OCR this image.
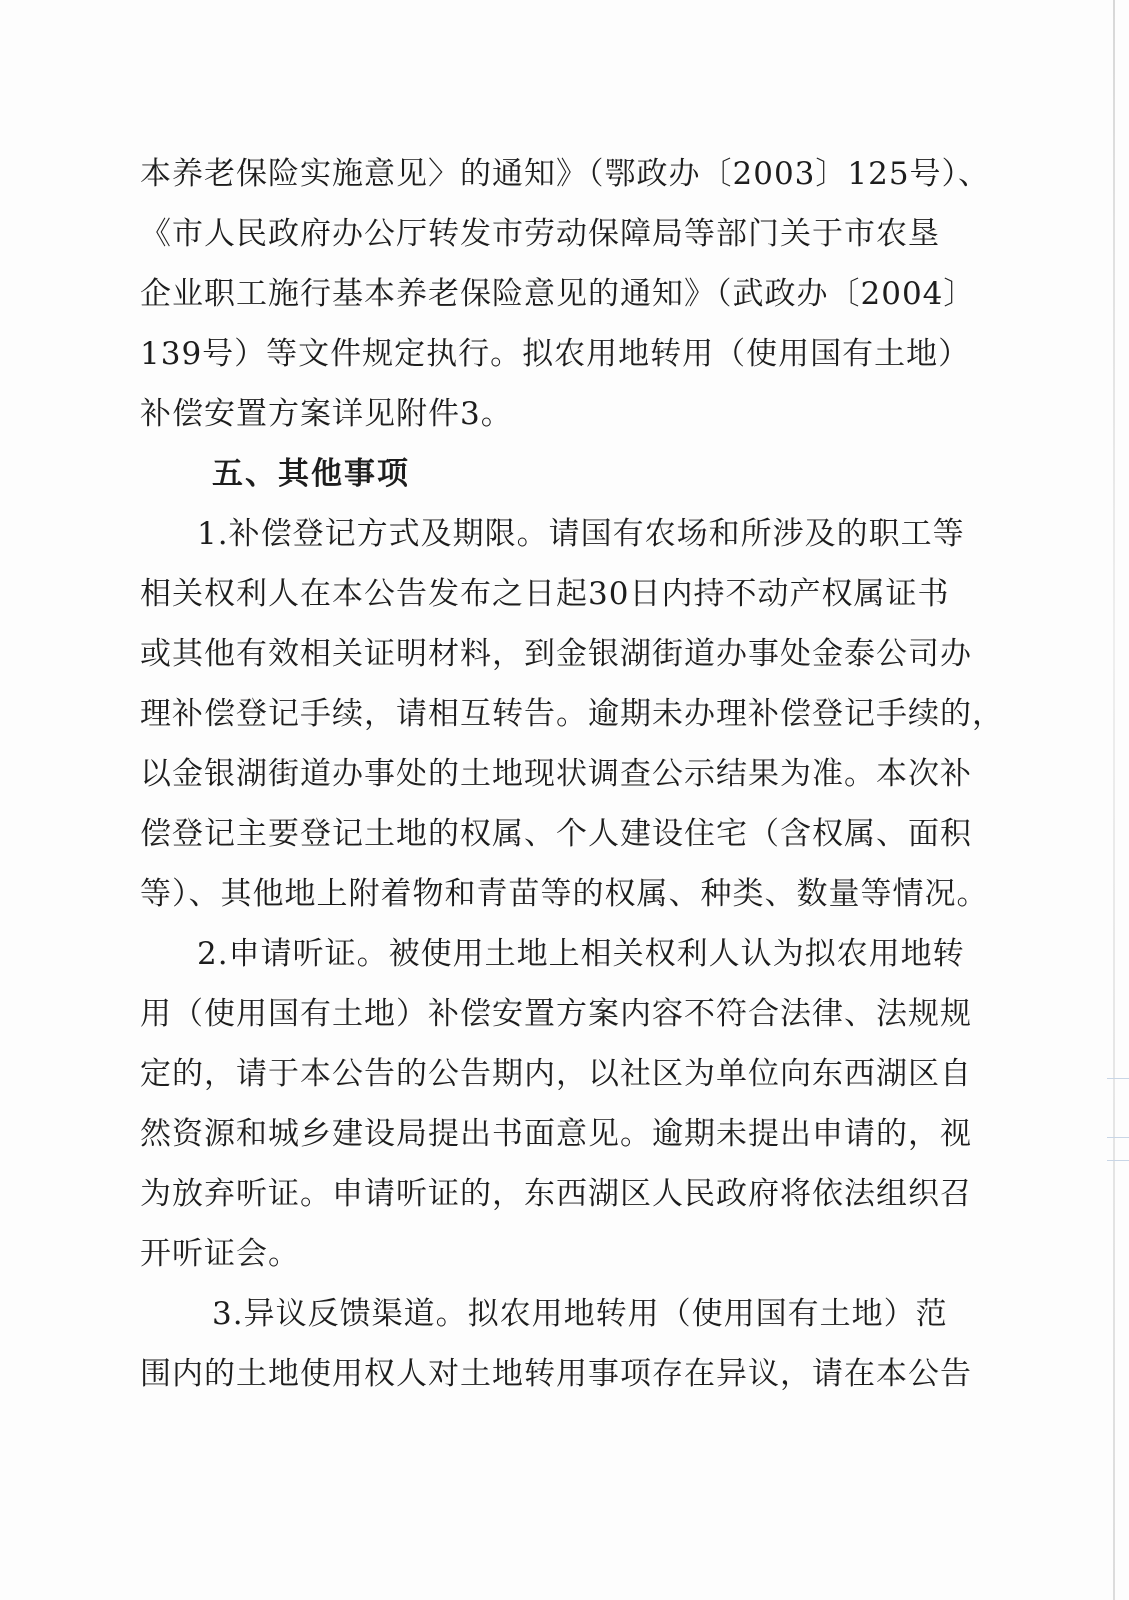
本养老保险实施意见〉的通知》（鄂政办〔2003〕125号）、
《市人民政府办公厅转发市劳动保障局等部门关于市农垦
企业职工施行基本养老保险意见的通知》（武政办〔2004〕
139号）等文件规定执行。拟农用地转用（使用国有土地）
补偿安置方案详见附件3。
五、其他事项
1.补偿登记方式及期限。请国有农场和所涉及的职工等
相关权利人在本公告发布之日起30日内持不动产权属证书
或其他有效相关证明材料，到金银湖街道办事处金泰公司办
理补偿登记手续，请相互转告。逾期未办理补偿登记手续的，
以金银湖街道办事处的土地现状调查公示结果为准。本次补
偿登记主要登记土地的权属、个人建设住宅（含权属、面积
等）、其他地上附着物和青苗等的权属、种类、数量等情况。
2.申请听证。被使用土地上相关权利人认为拟农用地转
用（使用国有土地）补偿安置方案内容不符合法律、法规规
定的，请于本公告的公告期内，以社区为单位向东西湖区自
然资源和城乡建设局提出书面意见。逾期未提出申请的，视
为放弃听证。申请听证的，东西湖区人民政府将依法组织召
开听证会。
3.异议反馈渠道。拟农用地转用（使用国有土地）范
围内的土地使用权人对土地转用事项存在异议，请在本公告
